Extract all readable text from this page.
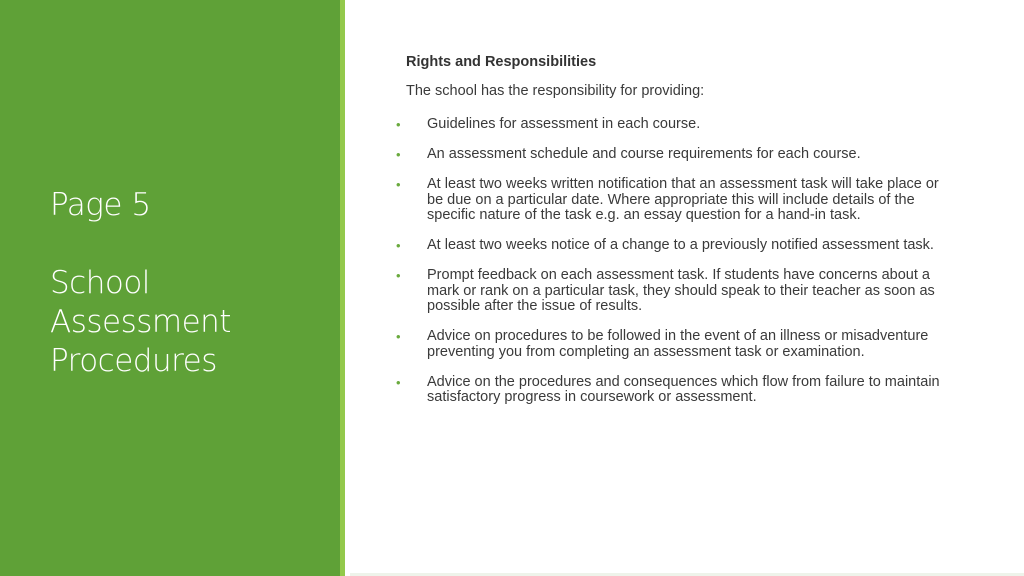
Page 5
School
Assessment
Procedures
Rights and Responsibilities
The school has the responsibility for providing:
• Guidelines for assessment in each course.
• An assessment schedule and course requirements for each course.
• At least two weeks written notification that an assessment task will take place or be due on a particular date. Where appropriate this will include details of the specific nature of the task e.g. an essay question for a hand-in task.
• At least two weeks notice of a change to a previously notified assessment task.
• Prompt feedback on each assessment task. If students have concerns about a mark or rank on a particular task, they should speak to their teacher as soon as possible after the issue of results.
• Advice on procedures to be followed in the event of an illness or misadventure preventing you from completing an assessment task or examination.
• Advice on the procedures and consequences which flow from failure to maintain satisfactory progress in coursework or assessment.
